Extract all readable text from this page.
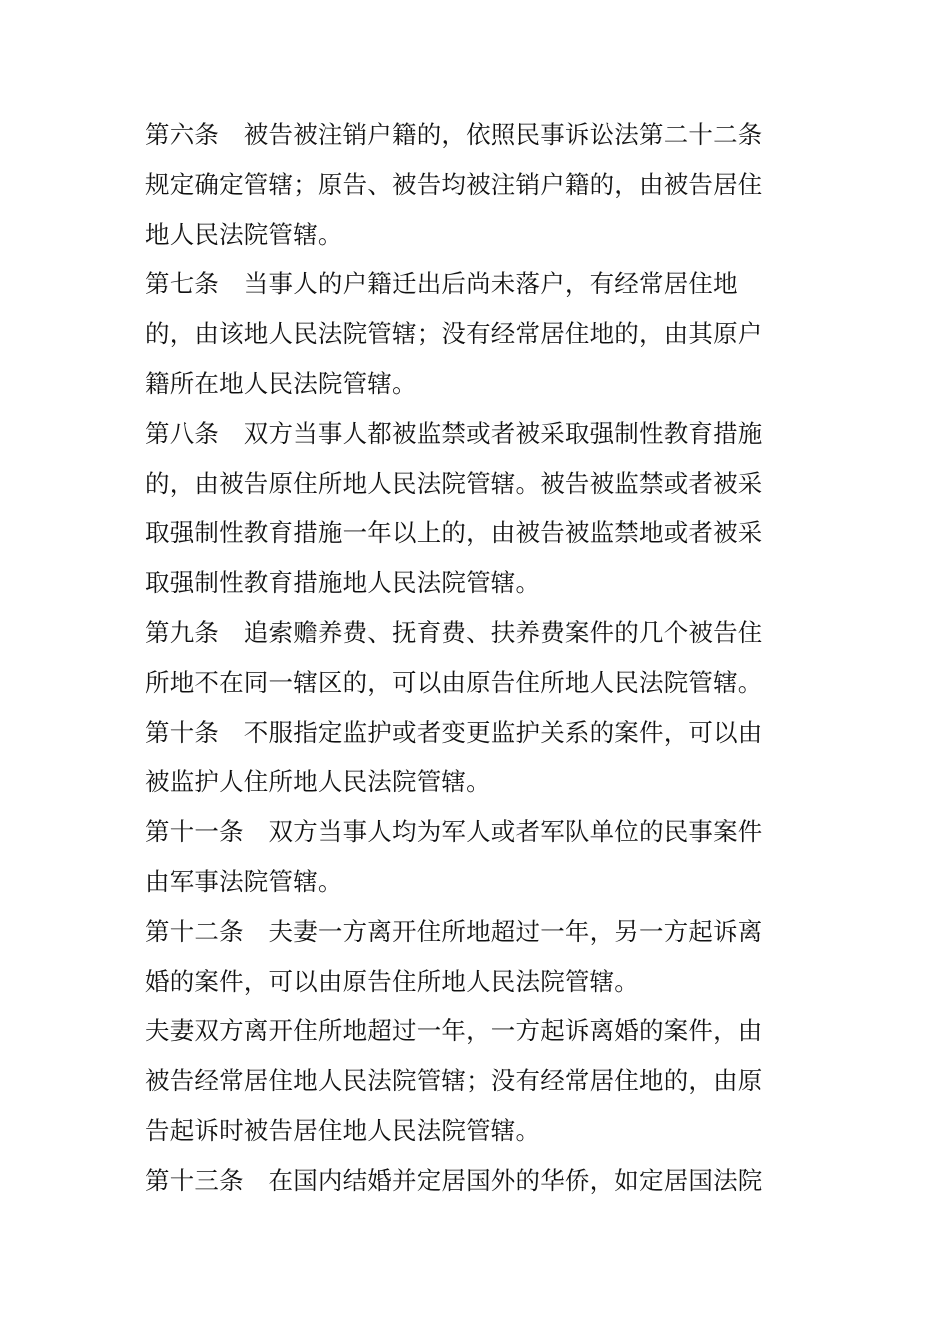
第六条　被告被注销户籍的，依照民事诉讼法第二十二条
规定确定管辖；原告、被告均被注销户籍的，由被告居住
地人民法院管辖。

第七条　当事人的户籍迁出后尚未落户，有经常居住地
的，由该地人民法院管辖；没有经常居住地的，由其原户
籍所在地人民法院管辖。

第八条　双方当事人都被监禁或者被采取强制性教育措施
的，由被告原住所地人民法院管辖。被告被监禁或者被采
取强制性教育措施一年以上的，由被告被监禁地或者被采
取强制性教育措施地人民法院管辖。

第九条　追索赡养费、抚育费、扶养费案件的几个被告住
所地不在同一辖区的，可以由原告住所地人民法院管辖。

第十条　不服指定监护或者变更监护关系的案件，可以由
被监护人住所地人民法院管辖。

第十一条　双方当事人均为军人或者军队单位的民事案件
由军事法院管辖。

第十二条　夫妻一方离开住所地超过一年，另一方起诉离
婚的案件，可以由原告住所地人民法院管辖。

夫妻双方离开住所地超过一年，一方起诉离婚的案件，由
被告经常居住地人民法院管辖；没有经常居住地的，由原
告起诉时被告居住地人民法院管辖。

第十三条　在国内结婚并定居国外的华侨，如定居国法院
